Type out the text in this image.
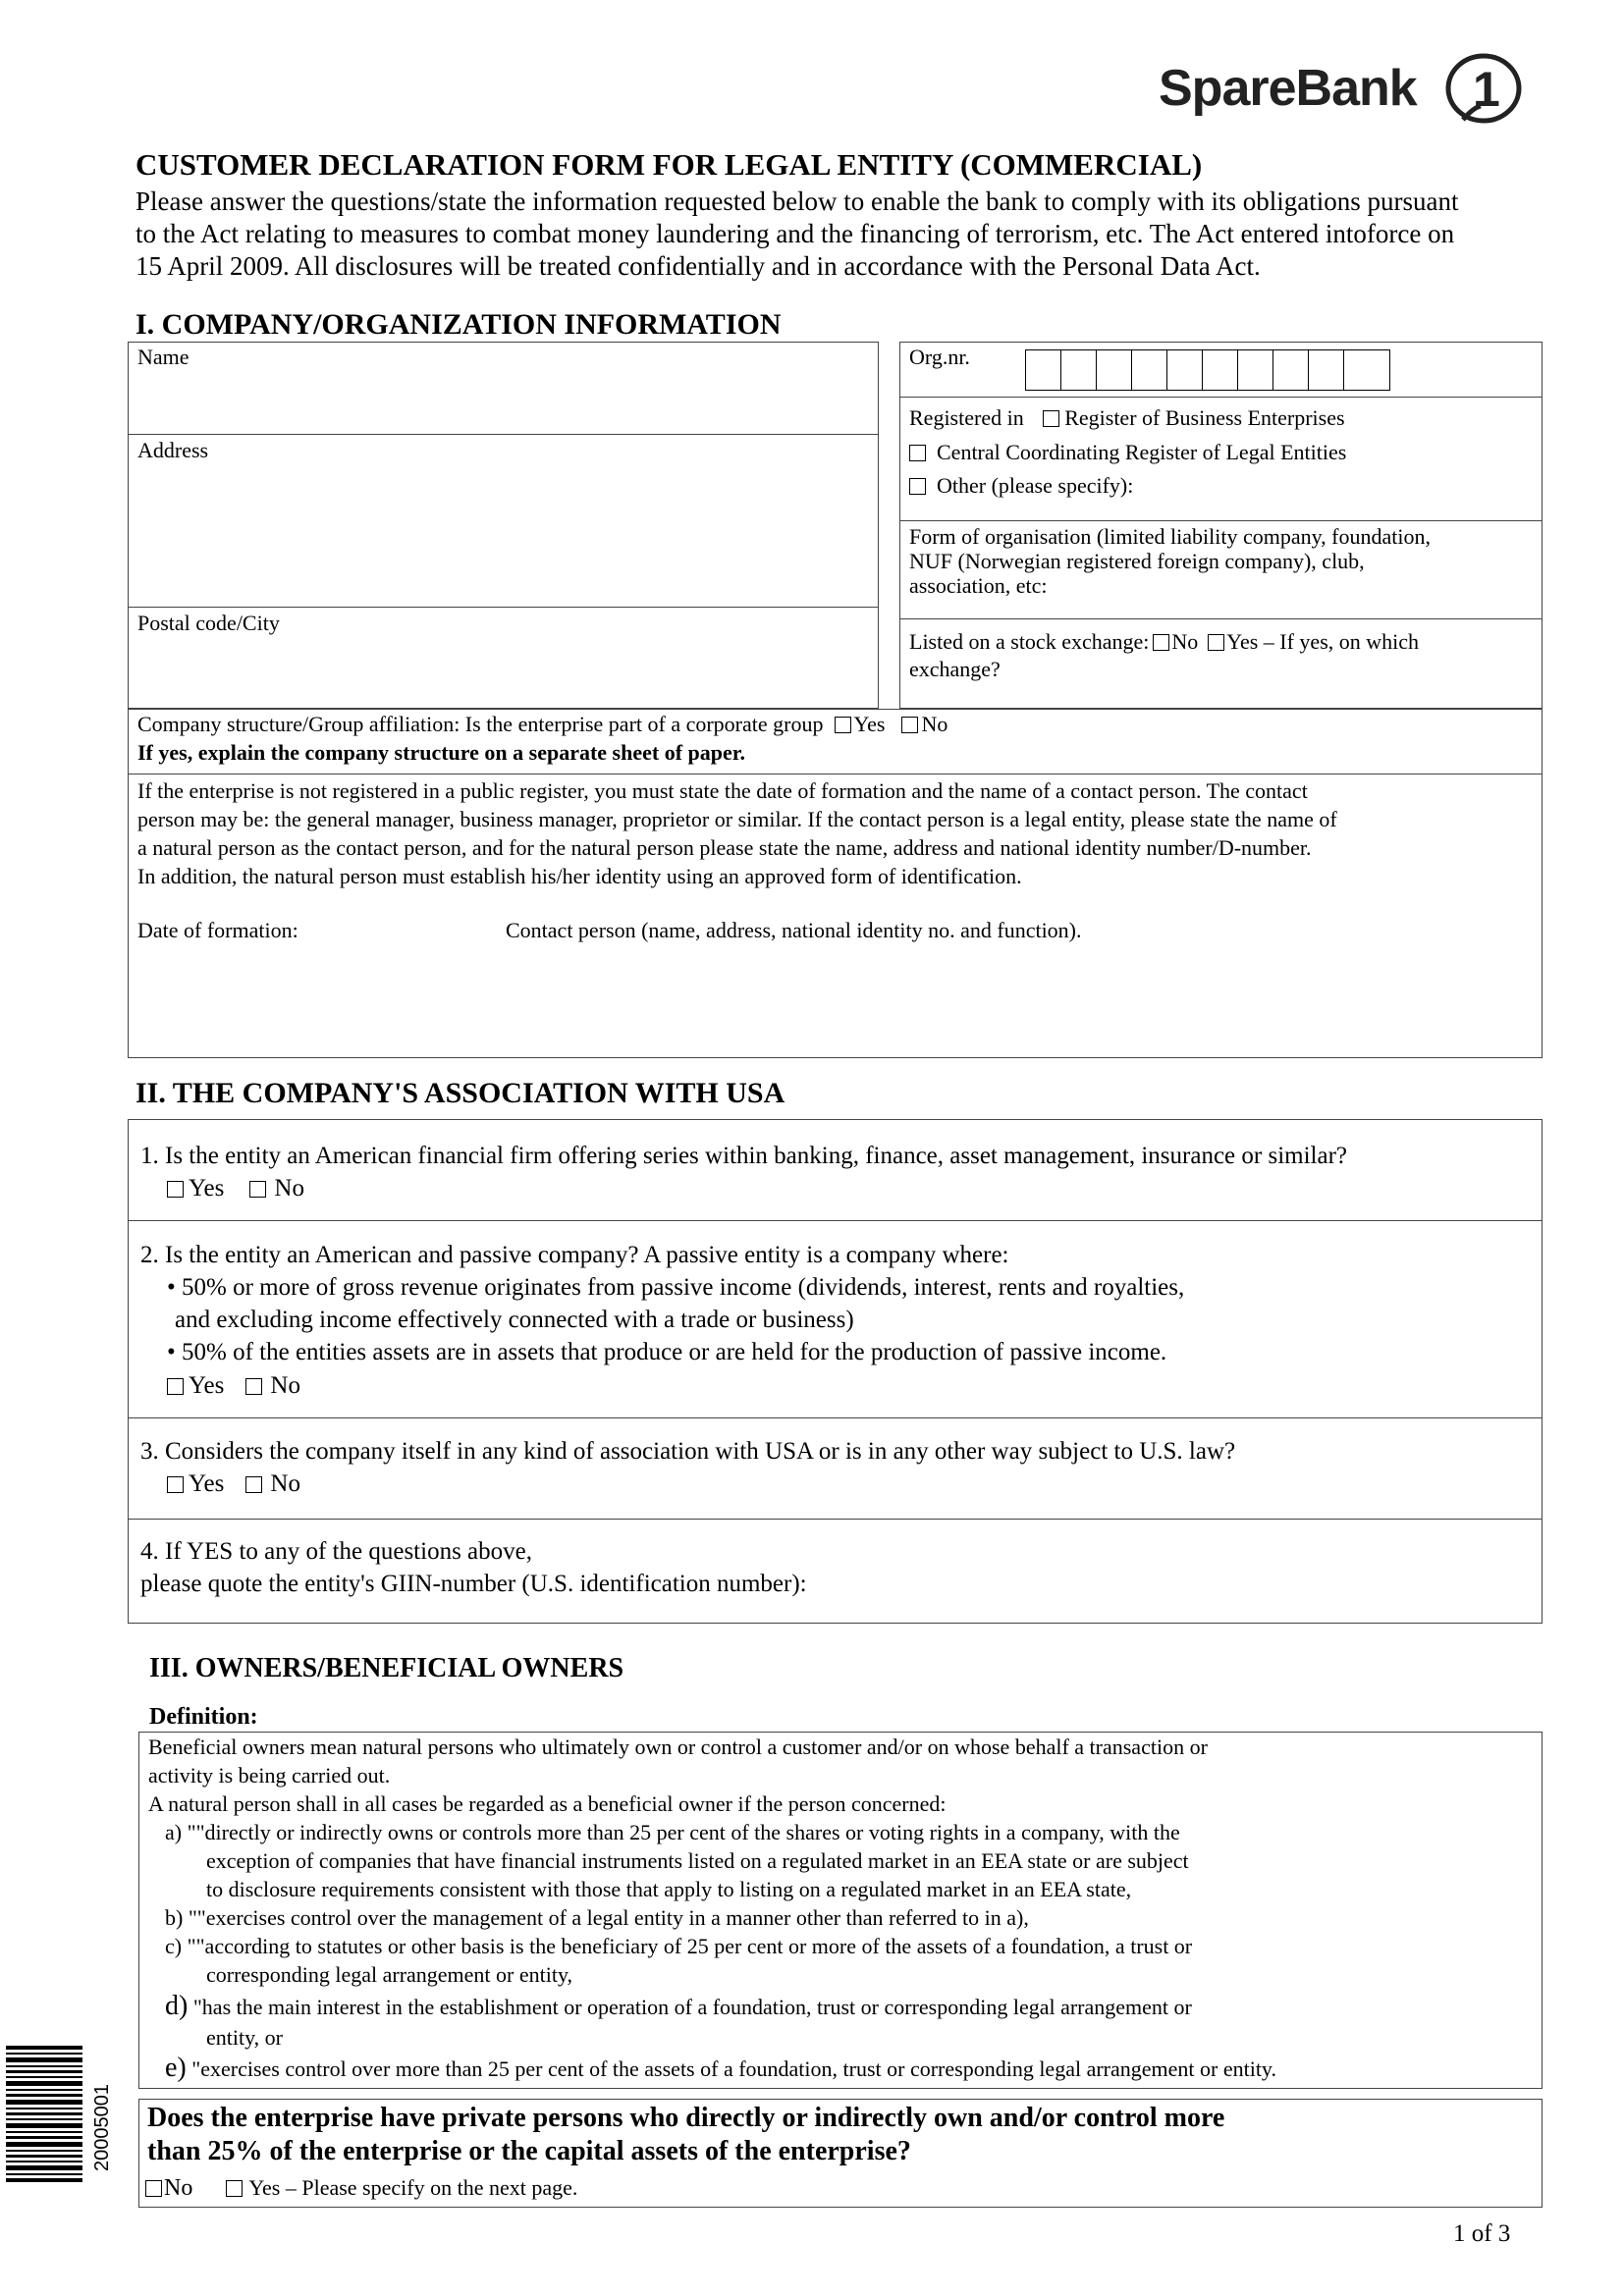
SpareBank 1
CUSTOMER DECLARATION FORM FOR LEGAL ENTITY (COMMERCIAL)
Please answer the questions/state the information requested below to enable the bank to comply with its obligations pursuant
to the Act relating to measures to combat money laundering and the financing of terrorism, etc. The Act entered intoforce on
15 April 2009. All disclosures will be treated confidentially and in accordance with the Personal Data Act.
I. COMPANY/ORGANIZATION INFORMATION
Name
Address
Postal code/City
Org.nr.
Registered in Register of Business Enterprises
Central Coordinating Register of Legal Entities
Other (please specify):
Form of organisation (limited liability company, foundation,
NUF (Norwegian registered foreign company), club,
association, etc:
Listed on a stock exchange: No Yes – If yes, on which
exchange?
Company structure/Group affiliation: Is the enterprise part of a corporate group Yes No
If yes, explain the company structure on a separate sheet of paper.
If the enterprise is not registered in a public register, you must state the date of formation and the name of a contact person. The contact
person may be: the general manager, business manager, proprietor or similar. If the contact person is a legal entity, please state the name of
a natural person as the contact person, and for the natural person please state the name, address and national identity number/D-number.
In addition, the natural person must establish his/her identity using an approved form of identification.
Date of formation:	Contact person (name, address, national identity no. and function).
II. THE COMPANY'S ASSOCIATION WITH USA
1. Is the entity an American financial firm offering series within banking, finance, asset management, insurance or similar?
Yes No
2. Is the entity an American and passive company? A passive entity is a company where:
• 50% or more of gross revenue originates from passive income (dividends, interest, rents and royalties,
and excluding income effectively connected with a trade or business)
• 50% of the entities assets are in assets that produce or are held for the production of passive income.
Yes No
3. Considers the company itself in any kind of association with USA or is in any other way subject to U.S. law?
Yes No
4. If YES to any of the questions above,
please quote the entity's GIIN-number (U.S. identification number):
III. OWNERS/BENEFICIAL OWNERS
Definition:
Beneficial owners mean natural persons who ultimately own or control a customer and/or on whose behalf a transaction or
activity is being carried out.
A natural person shall in all cases be regarded as a beneficial owner if the person concerned:
a) ""directly or indirectly owns or controls more than 25 per cent of the shares or voting rights in a company, with the
exception of companies that have financial instruments listed on a regulated market in an EEA state or are subject
to disclosure requirements consistent with those that apply to listing on a regulated market in an EEA state,
b) ""exercises control over the management of a legal entity in a manner other than referred to in a),
c) ""according to statutes or other basis is the beneficiary of 25 per cent or more of the assets of a foundation, a trust or
corresponding legal arrangement or entity,
d) "has the main interest in the establishment or operation of a foundation, trust or corresponding legal arrangement or
entity, or
e) "exercises control over more than 25 per cent of the assets of a foundation, trust or corresponding legal arrangement or entity.
Does the enterprise have private persons who directly or indirectly own and/or control more
than 25% of the enterprise or the capital assets of the enterprise?
No	Yes – Please specify on the next page.
20005001
1 of 3
